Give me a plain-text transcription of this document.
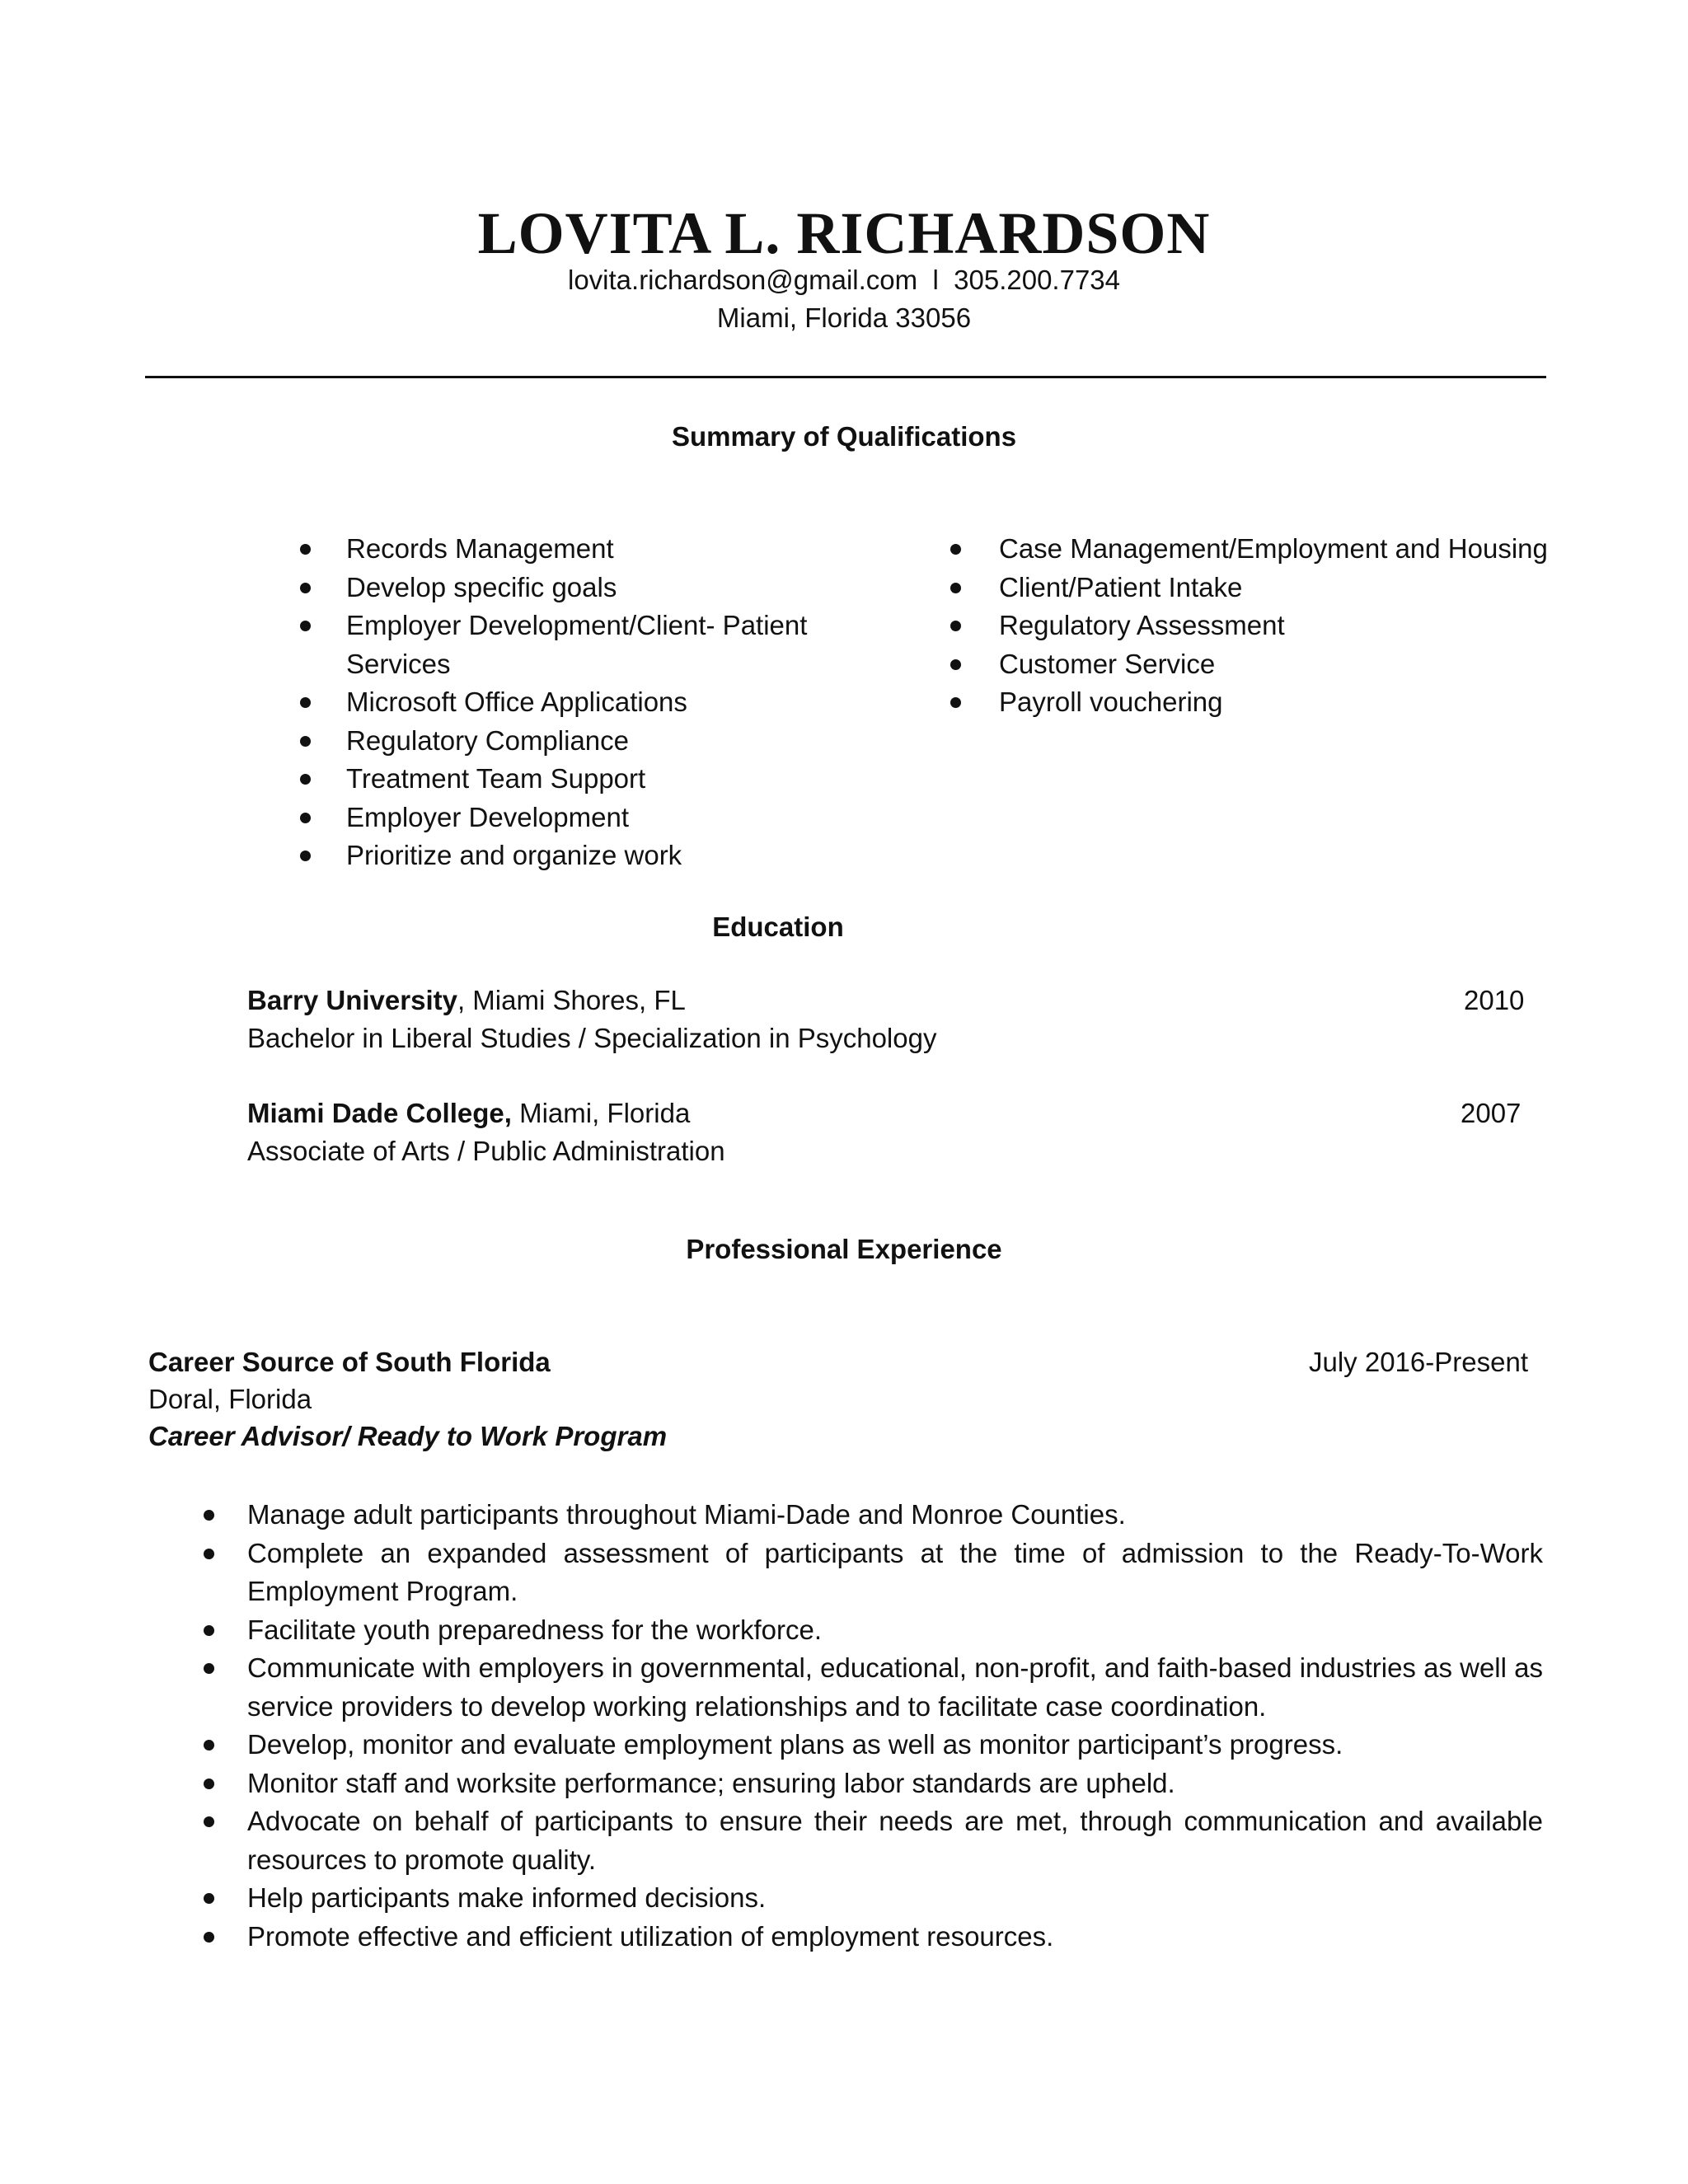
LOVITA L. RICHARDSON
lovita.richardson@gmail.com  l  305.200.7734
Miami, Florida 33056
Summary of Qualifications
Records Management
Develop specific goals
Employer Development/Client- Patient Services
Microsoft Office Applications
Regulatory Compliance
Treatment Team Support
Employer Development
Prioritize and organize work
Case Management/Employment and Housing
Client/Patient Intake
Regulatory Assessment
Customer Service
Payroll vouchering
Education
Barry University, Miami Shores, FL	2010
Bachelor in Liberal Studies / Specialization in Psychology
Miami Dade College, Miami, Florida	2007
Associate of Arts / Public Administration
Professional Experience
Career Source of South Florida	July 2016-Present
Doral, Florida
Career Advisor/ Ready to Work Program
Manage adult participants throughout Miami-Dade and Monroe Counties.
Complete an expanded assessment of participants at the time of admission to the Ready-To-Work Employment Program.
Facilitate youth preparedness for the workforce.
Communicate with employers in governmental, educational, non-profit, and faith-based industries as well as service providers to develop working relationships and to facilitate case coordination.
Develop, monitor and evaluate employment plans as well as monitor participant’s progress.
Monitor staff and worksite performance; ensuring labor standards are upheld.
Advocate on behalf of participants to ensure their needs are met, through communication and available resources to promote quality.
Help participants make informed decisions.
Promote effective and efficient utilization of employment resources.
